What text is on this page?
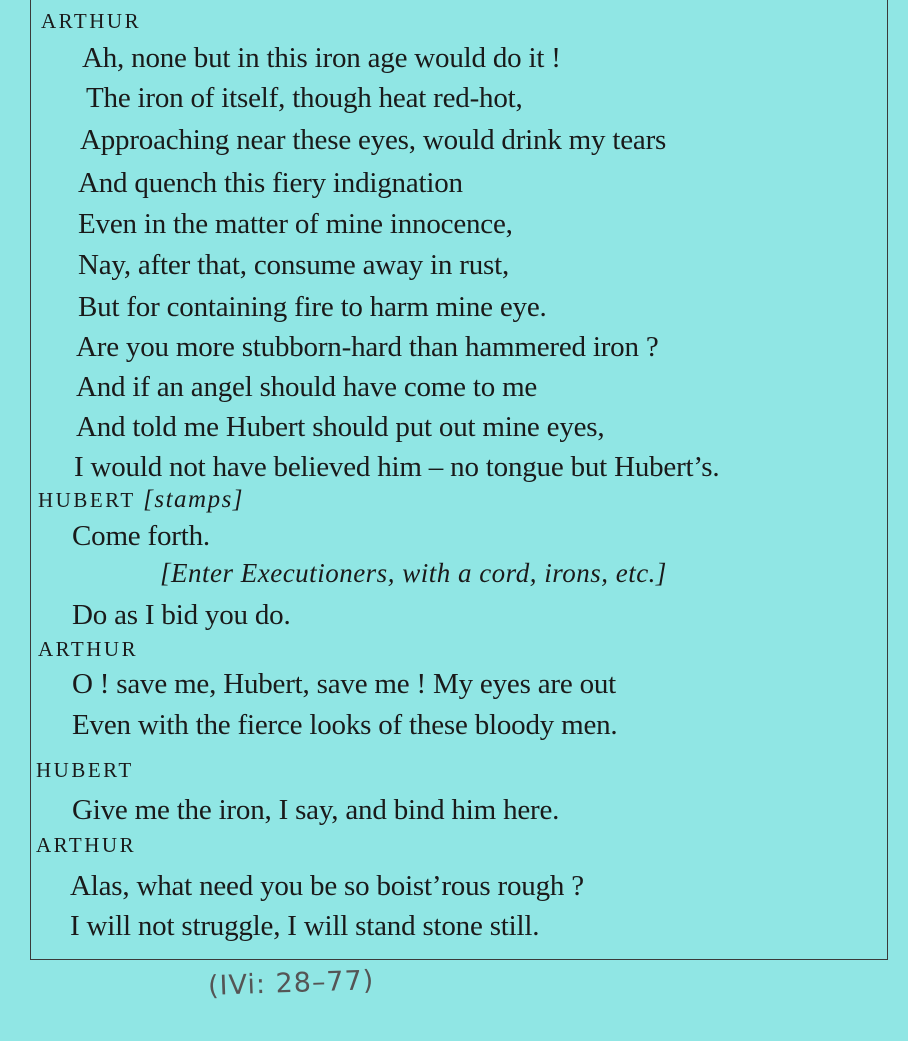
ARTHUR
Ah, none but in this iron age would do it !
The iron of itself, though heat red-hot,
Approaching near these eyes, would drink my tears
And quench this fiery indignation
Even in the matter of mine innocence,
Nay, after that, consume away in rust,
But for containing fire to harm mine eye.
Are you more stubborn-hard than hammered iron ?
And if an angel should have come to me
And told me Hubert should put out mine eyes,
I would not have believed him – no tongue but Hubert’s.
HUBERT [stamps]
Come forth.
[Enter Executioners, with a cord, irons, etc.]
Do as I bid you do.
ARTHUR
O ! save me, Hubert, save me ! My eyes are out
Even with the fierce looks of these bloody men.
HUBERT
Give me the iron, I say, and bind him here.
ARTHUR
Alas, what need you be so boist’rous rough ?
I will not struggle, I will stand stone still.
(IVi: 28–77)
